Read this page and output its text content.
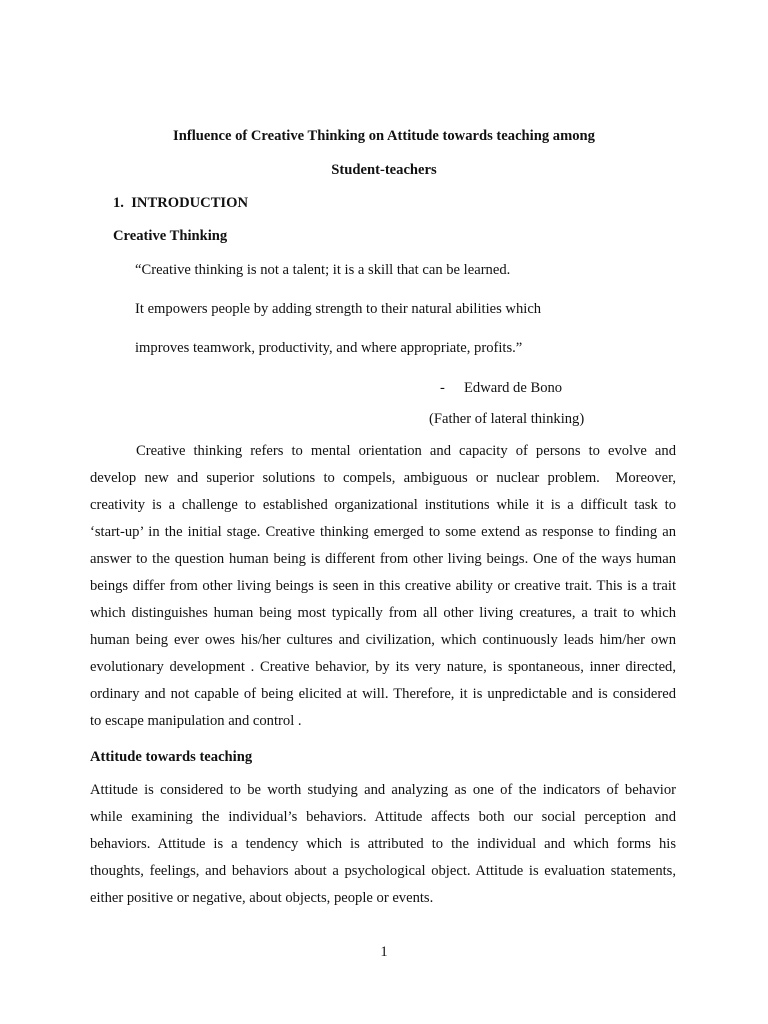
Influence of Creative Thinking on Attitude towards teaching among
Student-teachers
1. INTRODUCTION
Creative Thinking
“Creative thinking is not a talent; it is a skill that can be learned.
It empowers people by adding strength to their natural abilities which
improves teamwork, productivity, and where appropriate, profits.”
- Edward de Bono
(Father of lateral thinking)
Creative thinking refers to mental orientation and capacity of persons to evolve and
develop new and superior solutions to compels, ambiguous or nuclear problem.  Moreover,
creativity is a challenge to established organizational institutions while it is a difficult task to
‘start-up’ in the initial stage. Creative thinking emerged to some extend as response to finding an
answer to the question human being is different from other living beings. One of the ways human
beings differ from other living beings is seen in this creative ability or creative trait. This is a trait
which distinguishes human being most typically from all other living creatures, a trait to which
human being ever owes his/her cultures and civilization, which continuously leads him/her own
evolutionary development . Creative behavior, by its very nature, is spontaneous, inner directed,
ordinary and not capable of being elicited at will. Therefore, it is unpredictable and is considered
to escape manipulation and control .
Attitude towards teaching
Attitude is considered to be worth studying and analyzing as one of the indicators of behavior
while examining the individual’s behaviors. Attitude affects both our social perception and
behaviors. Attitude is a tendency which is attributed to the individual and which forms his
thoughts, feelings, and behaviors about a psychological object. Attitude is evaluation statements,
either positive or negative, about objects, people or events.
1
